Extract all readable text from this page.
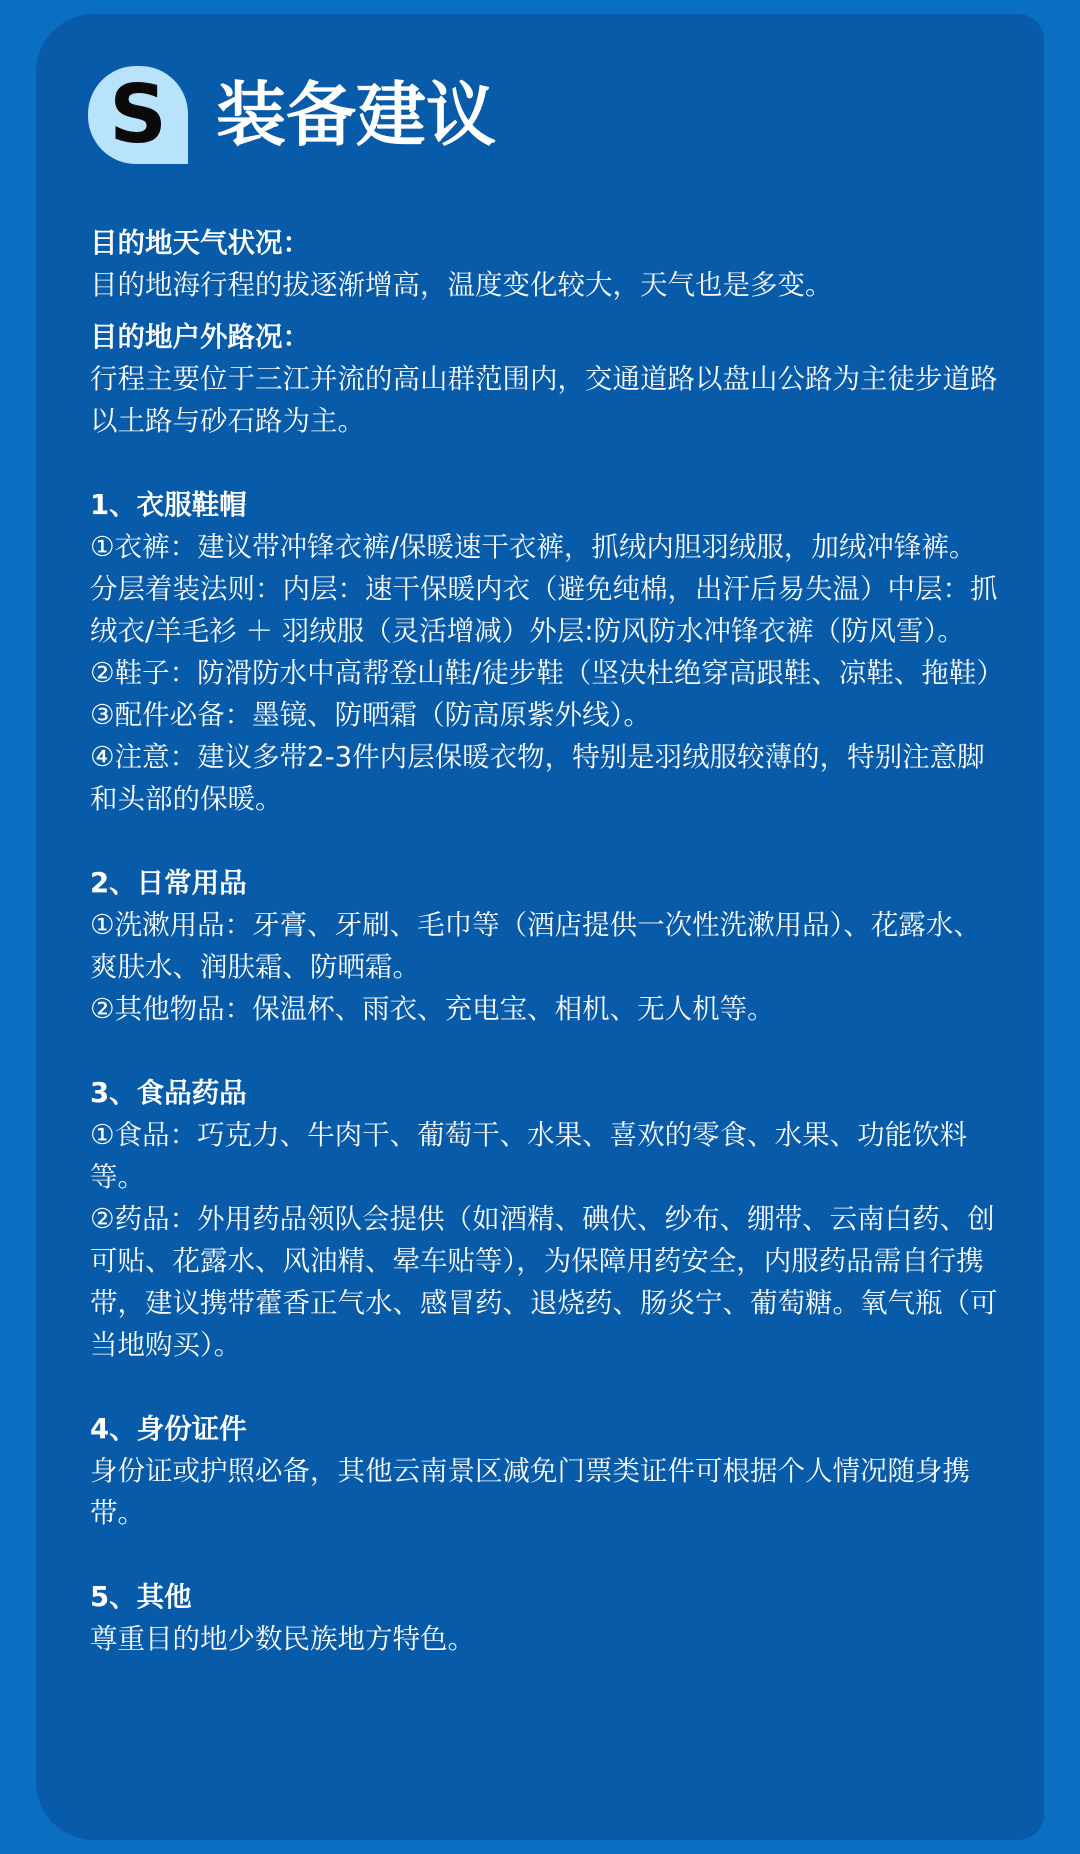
S 装备建议
目的地天气状况：

目的地海行程的拔逐渐增高，温度变化较大，天气也是多变。

目的地户外路况：

行程主要位于三江并流的高山群范围内，交通道路以盘山公路为主徒步道路以土路与砂石路为主。

1、衣服鞋帽

①衣裤：建议带冲锋衣裤/保暖速干衣裤，抓绒内胆羽绒服，加绒冲锋裤。分层着装法则：内层：速干保暖内衣（避免纯棉，出汗后易失温）中层：抓绒衣/羊毛衫 ＋ 羽绒服（灵活增减）外层:防风防水冲锋衣裤（防风雪）。

②鞋子：防滑防水中高帮登山鞋/徒步鞋（坚决杜绝穿高跟鞋、凉鞋、拖鞋）

③配件必备：墨镜、防晒霜（防高原紫外线）。

④注意：建议多带2-3件内层保暖衣物，特别是羽绒服较薄的，特别注意脚和头部的保暖。

2、日常用品

①洗漱用品：牙膏、牙刷、毛巾等（酒店提供一次性洗漱用品）、花露水、爽肤水、润肤霜、防晒霜。

②其他物品：保温杯、雨衣、充电宝、相机、无人机等。

3、食品药品

①食品：巧克力、牛肉干、葡萄干、水果、喜欢的零食、水果、功能饮料等。

②药品：外用药品领队会提供（如酒精、碘伏、纱布、绷带、云南白药、创可贴、花露水、风油精、晕车贴等），为保障用药安全，内服药品需自行携带，建议携带藿香正气水、感冒药、退烧药、肠炎宁、葡萄糖。氧气瓶（可当地购买）。

4、身份证件

身份证或护照必备，其他云南景区减免门票类证件可根据个人情况随身携带。

5、其他

尊重目的地少数民族地方特色。
